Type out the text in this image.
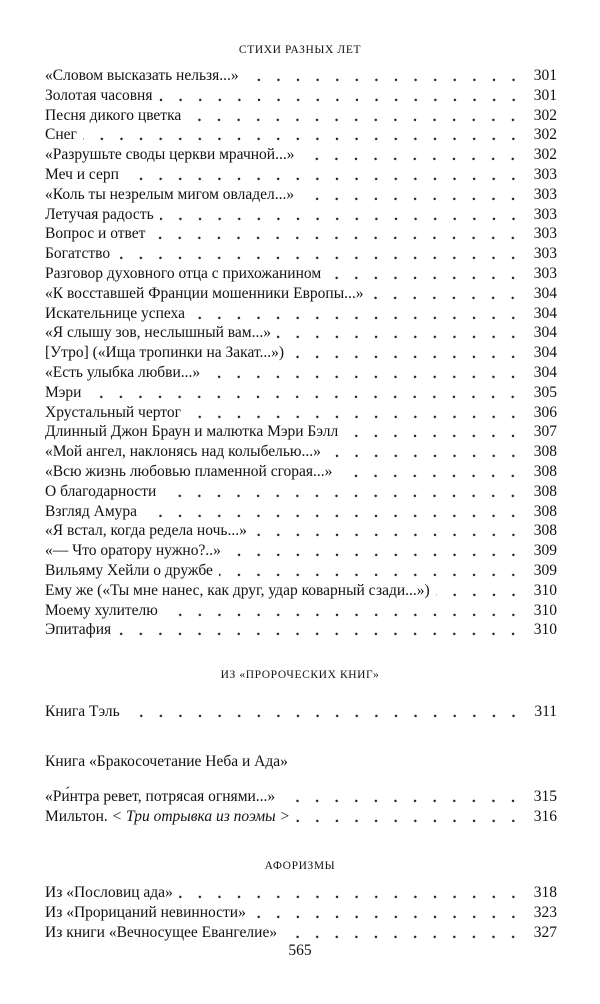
СТИХИ РАЗНЫХ ЛЕТ
«Словом высказать нельзя...»	301
Золотая часовня	301
Песня дикого цветка	302
Снег	302
«Разрушьте своды церкви мрачной...»	302
Меч и серп	303
«Коль ты незрелым мигом овладел...»	303
Летучая радость	303
Вопрос и ответ	303
Богатство	303
Разговор духовного отца с прихожанином	303
«К восставшей Франции мошенники Европы...»	304
Искательнице успеха	304
«Я слышу зов, неслышный вам...»	304
[Утро] («Ища тропинки на Закат...»)	304
«Есть улыбка любви...»	304
Мэри	305
Хрустальный чертог	306
Длинный Джон Браун и малютка Мэри Бэлл	307
«Мой ангел, наклонясь над колыбелью...»	308
«Всю жизнь любовью пламенной сгорая...»	308
О благодарности	308
Взгляд Амура	308
«Я встал, когда редела ночь...»	308
«— Что оратору нужно?..»	309
Вильяму Хейли о дружбе	309
Ему же («Ты мне нанес, как друг, удар коварный сзади...»)	310
Моему хулителю	310
Эпитафия	310
ИЗ «ПРОРОЧЕСКИХ КНИГ»
Книга Тэль	311
Книга «Бракосочетание Неба и Ада»
«Ри́нтра ревет, потрясая огнями...»	315
Мильтон. < Три отрывка из поэмы >	316
АФОРИЗМЫ
Из «Пословиц ада»	318
Из «Прорицаний невинности»	323
Из книги «Вечносущее Евангелие»	327
565
